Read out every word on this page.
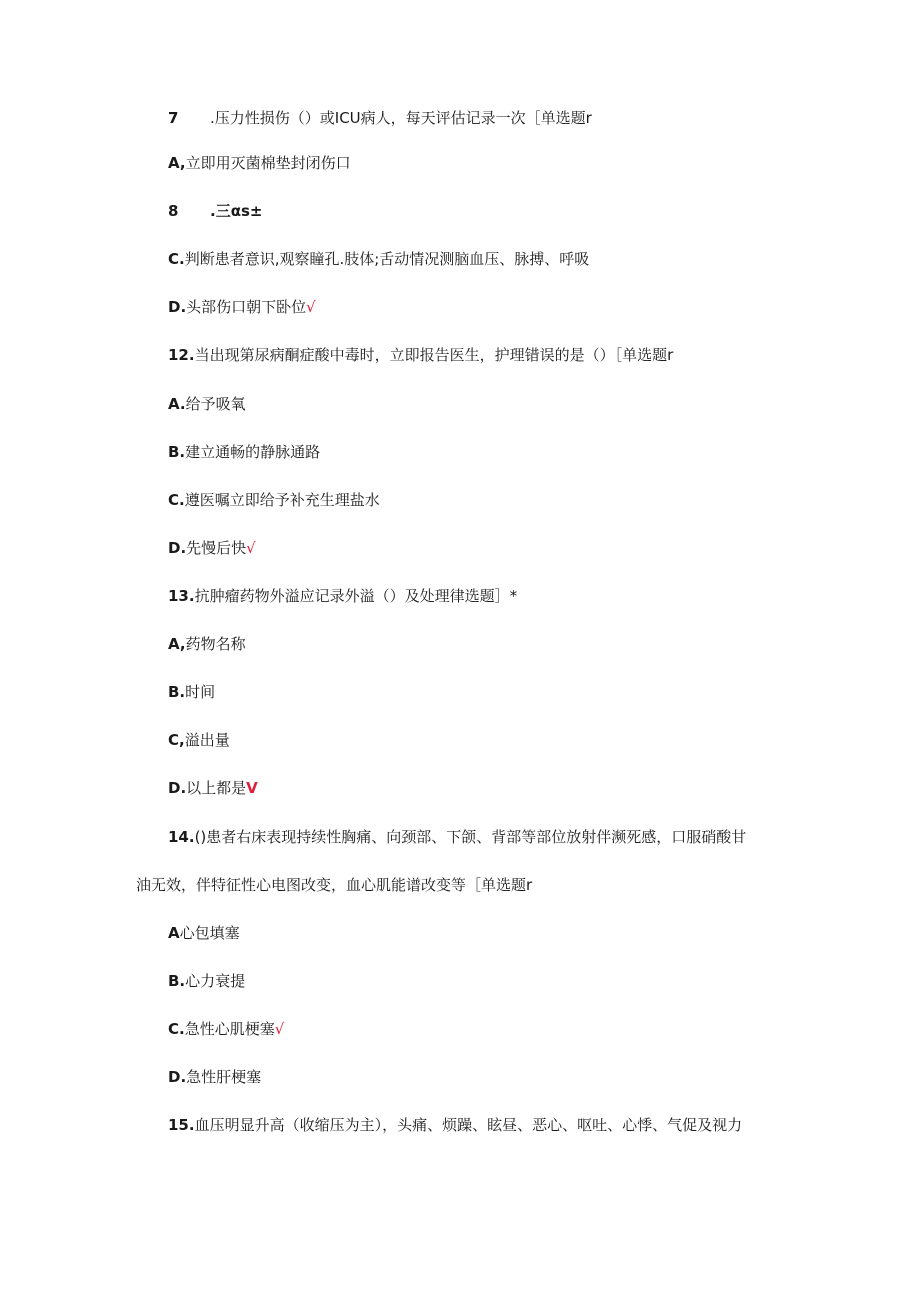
7 .压力性损伤（）或ICU病人，每天评估记录一次［单选题r
A,立即用灭菌棉垫封闭伤口
8 .三αs±
C.判断患者意识,观察瞳孔.肢体;舌动情况测脑血压、脉搏、呼吸
D.头部伤口朝下卧位√
12.当出现第尿病酮症酸中毒时，立即报告医生，护理错误的是（）［单选题r
A.给予吸氧
B.建立通畅的静脉通路
C.遵医嘱立即给予补充生理盐水
D.先慢后快√
13.抗肿瘤药物外溢应记录外溢（）及处理律选题］*
A,药物名称
B.时间
C,溢出量
D.以上都是V
14.()患者右床表现持续性胸痛、向颈部、下颌、背部等部位放射伴濒死感，口服硝酸甘
油无效，伴特征性心电图改变，血心肌能谱改变等［单选题r
A心包填塞
B.心力衰提
C.急性心肌梗塞√
D.急性肝梗塞
15.血压明显升高（收缩压为主），头痛、烦躁、眩昼、恶心、呕吐、心悸、气促及视力
